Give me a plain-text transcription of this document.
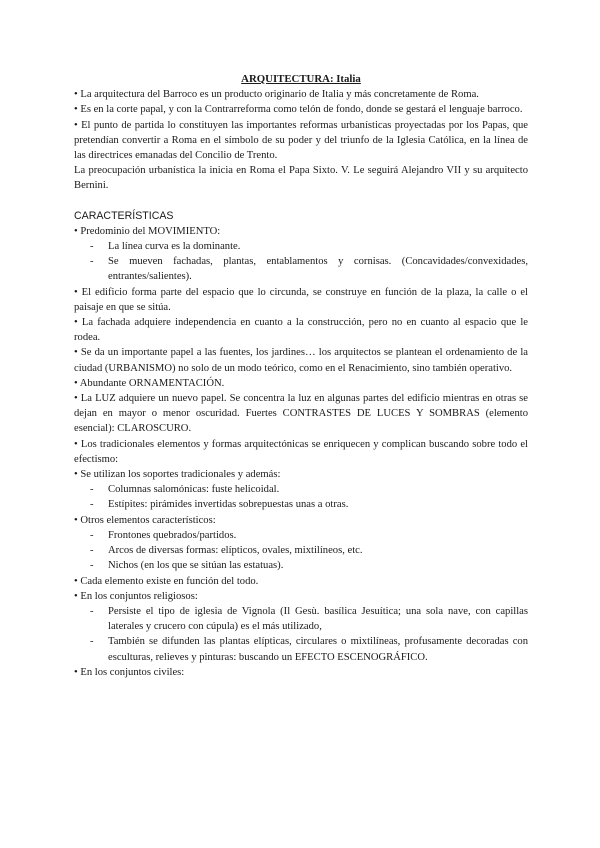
ARQUITECTURA: Italia

• La arquitectura del Barroco es un producto originario de Italia y más concretamente de Roma.

• Es en la corte papal, y con la Contrarreforma como telón de fondo, donde se gestará el lenguaje barroco.

• El punto de partida lo constituyen las importantes reformas urbanísticas proyectadas por los Papas, que pretendían convertir a Roma en el símbolo de su poder y del triunfo de la Iglesia Católica, en la línea de las directrices emanadas del Concilio de Trento.

La preocupación urbanística la inicia en Roma el Papa Sixto. V. Le seguirá Alejandro VII y su arquitecto Bernini.

CARACTERÍSTICAS

• Predominio del MOVIMIENTO:

- La línea curva es la dominante.

- Se mueven fachadas, plantas, entablamentos y cornisas. (Concavidades/convexidades, entrantes/salientes).

• El edificio forma parte del espacio que lo circunda, se construye en función de la plaza, la calle o el paisaje en que se sitúa.

• La fachada adquiere independencia en cuanto a la construcción, pero no en cuanto al espacio que le rodea.

• Se da un importante papel a las fuentes, los jardines… los arquitectos se plantean el ordenamiento de la ciudad (URBANISMO) no solo de un modo teórico, como en el Renacimiento, sino también operativo.

• Abundante ORNAMENTACIÓN.

• La LUZ adquiere un nuevo papel. Se concentra la luz en algunas partes del edificio mientras en otras se dejan en mayor o menor oscuridad. Fuertes CONTRASTES DE LUCES Y SOMBRAS (elemento esencial): CLAROSCURO.

• Los tradicionales elementos y formas arquitectónicas se enriquecen y complican buscando sobre todo el efectismo:

• Se utilizan los soportes tradicionales y además:

- Columnas salomónicas: fuste helicoidal.

- Estípites: pirámides invertidas sobrepuestas unas a otras.

• Otros elementos característicos:

- Frontones quebrados/partidos.

- Arcos de diversas formas: elípticos, ovales, mixtilíneos, etc.

- Nichos (en los que se sitúan las estatuas).

• Cada elemento existe en función del todo.

• En los conjuntos religiosos:

- Persiste el tipo de iglesia de Vignola (Il Gesù. basílica Jesuítica; una sola nave, con capillas laterales y crucero con cúpula) es el más utilizado,

- También se difunden las plantas elípticas, circulares o mixtilíneas, profusamente decoradas con esculturas, relieves y pinturas: buscando un EFECTO ESCENOGRÁFICO.

• En los conjuntos civiles:
